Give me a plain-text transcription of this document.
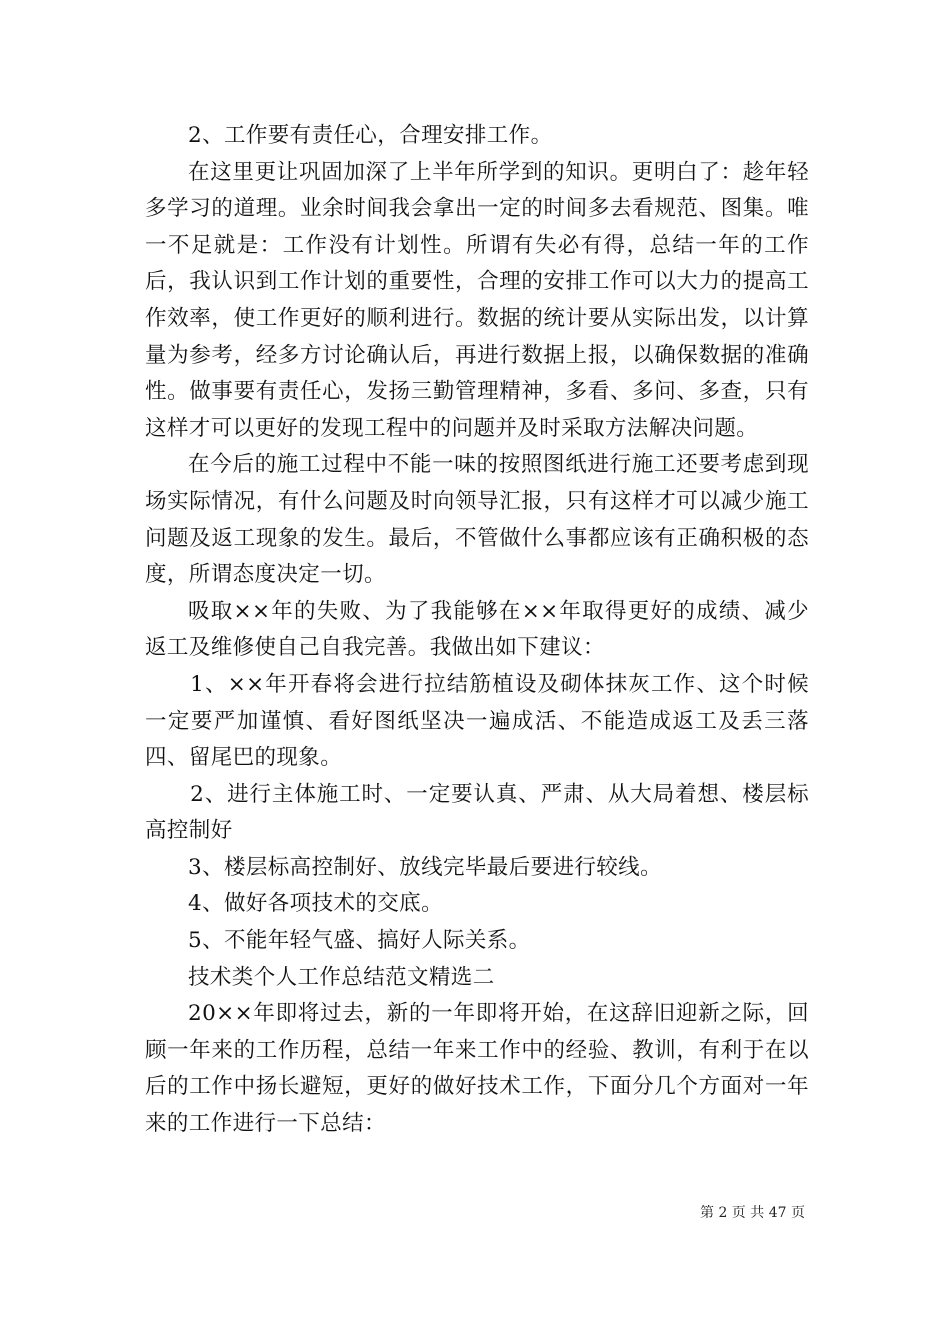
2、工作要有责任心，合理安排工作。

在这里更让巩固加深了上半年所学到的知识。更明白了：趁年轻多学习的道理。业余时间我会拿出一定的时间多去看规范、图集。唯一不足就是：工作没有计划性。所谓有失必有得，总结一年的工作后，我认识到工作计划的重要性，合理的安排工作可以大力的提高工作效率，使工作更好的顺利进行。数据的统计要从实际出发，以计算量为参考，经多方讨论确认后，再进行数据上报，以确保数据的准确性。做事要有责任心，发扬三勤管理精神，多看、多问、多查，只有这样才可以更好的发现工程中的问题并及时采取方法解决问题。

在今后的施工过程中不能一味的按照图纸进行施工还要考虑到现场实际情况，有什么问题及时向领导汇报，只有这样才可以减少施工问题及返工现象的发生。最后，不管做什么事都应该有正确积极的态度，所谓态度决定一切。

吸取××年的失败、为了我能够在××年取得更好的成绩、减少返工及维修使自己自我完善。我做出如下建议：

1、××年开春将会进行拉结筋植设及砌体抹灰工作、这个时候一定要严加谨慎、看好图纸坚决一遍成活、不能造成返工及丢三落四、留尾巴的现象。

2、进行主体施工时、一定要认真、严肃、从大局着想、楼层标高控制好

3、楼层标高控制好、放线完毕最后要进行较线。

4、做好各项技术的交底。

5、不能年轻气盛、搞好人际关系。

技术类个人工作总结范文精选二

20××年即将过去，新的一年即将开始，在这辞旧迎新之际，回顾一年来的工作历程，总结一年来工作中的经验、教训，有利于在以后的工作中扬长避短，更好的做好技术工作，下面分几个方面对一年来的工作进行一下总结：

第 2 页 共 47 页
